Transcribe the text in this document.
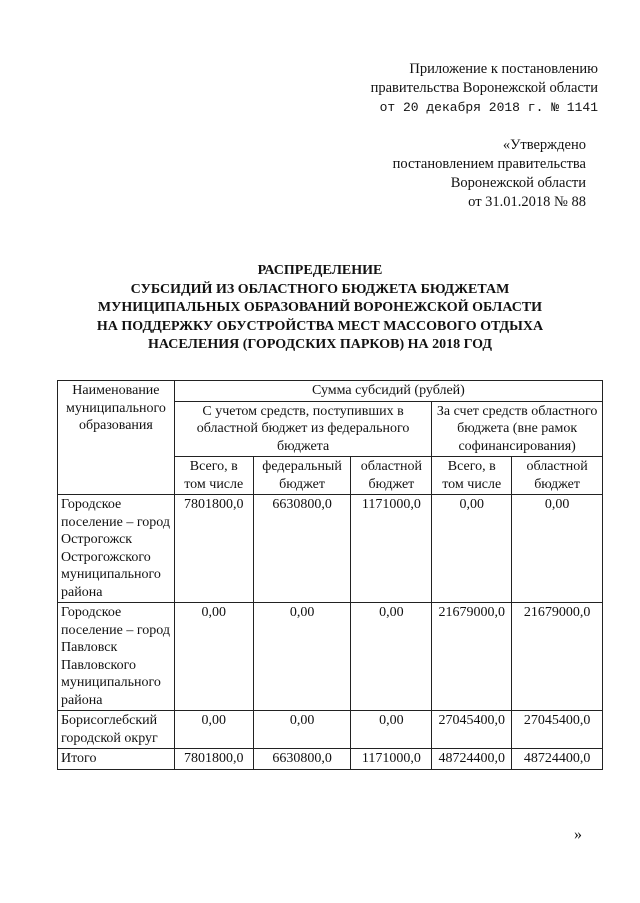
Приложение к постановлению
правительства Воронежской области
от 20 декабря 2018 г. № 1141
«Утверждено
постановлением правительства
Воронежской области
от 31.01.2018 № 88
РАСПРЕДЕЛЕНИЕ
СУБСИДИЙ ИЗ ОБЛАСТНОГО БЮДЖЕТА БЮДЖЕТАМ
МУНИЦИПАЛЬНЫХ ОБРАЗОВАНИЙ ВОРОНЕЖСКОЙ ОБЛАСТИ
НА ПОДДЕРЖКУ ОБУСТРОЙСТВА МЕСТ МАССОВОГО ОТДЫХА
НАСЕЛЕНИЯ (ГОРОДСКИХ ПАРКОВ) НА 2018 ГОД
Наименование муниципального образования	Сумма субсидий (рублей)				
	С учетом средств, поступивших в областной бюджет из федерального бюджета			За счет средств областного бюджета (вне рамок софинансирования)	
	Всего, в том числе	федеральный бюджет	областной бюджет	Всего, в том числе	областной бюджет
Городское поселение – город Острогожск Острогожского муниципального района	7801800,0	6630800,0	1171000,0	0,00	0,00
Городское поселение – город Павловск Павловского муниципального района	0,00	0,00	0,00	21679000,0	21679000,0
Борисоглебский городской округ	0,00	0,00	0,00	27045400,0	27045400,0
Итого	7801800,0	6630800,0	1171000,0	48724400,0	48724400,0
»
